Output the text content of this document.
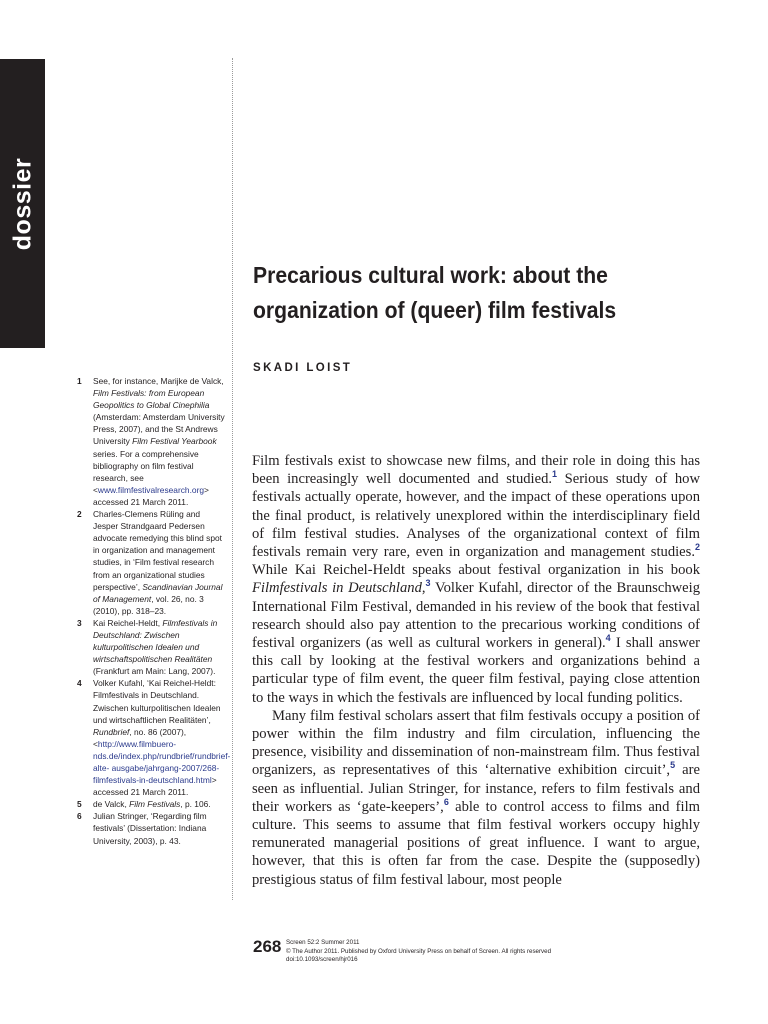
dossier
Precarious cultural work: about the
organization of (queer) film festivals
SKADI LOIST
1 See, for instance, Marijke de Valck, Film Festivals: from European Geopolitics to Global Cinephilia (Amsterdam: Amsterdam University Press, 2007), and the St Andrews University Film Festival Yearbook series. For a comprehensive bibliography on film festival research, see <www.filmfestivalresearch.org> accessed 21 March 2011.
2 Charles-Clemens Rüling and Jesper Strandgaard Pedersen advocate remedying this blind spot in organization and management studies, in ‘Film festival research from an organizational studies perspective’, Scandinavian Journal of Management, vol. 26, no. 3 (2010), pp. 318–23.
3 Kai Reichel-Heldt, Filmfestivals in Deutschland: Zwischen kulturpolitischen Idealen und wirtschaftspolitischen Realitäten (Frankfurt am Main: Lang, 2007).
4 Volker Kufahl, ‘Kai Reichel-Heldt: Filmfestivals in Deutschland. Zwischen kulturpolitischen Idealen und wirtschaftlichen Realitäten’, Rundbrief, no. 86 (2007), <http://www.filmbuero-nds.de/index.php/rundbrief/rundbrief-alte- ausgabe/jahrgang-2007/268-filmfestivals-in-deutschland.html> accessed 21 March 2011.
5 de Valck, Film Festivals, p. 106.
6 Julian Stringer, ‘Regarding film festivals’ (Dissertation: Indiana University, 2003), p. 43.

Film festivals exist to showcase new films, and their role in doing this has been increasingly well documented and studied.$^1$ Serious study of how festivals actually operate, however, and the impact of these operations upon the final product, is relatively unexplored within the interdisciplinary field of film festival studies. Analyses of the organizational context of film festivals remain very rare, even in organization and management studies.$^2$ While Kai Reichel-Heldt speaks about festival organization in his book Filmfestivals in Deutschland,$^3$ Volker Kufahl, director of the Braunschweig International Film Festival, demanded in his review of the book that festival research should also pay attention to the precarious working conditions of festival organizers (as well as cultural workers in general).$^4$ I shall answer this call by looking at the festival workers and organizations behind a particular type of film event, the queer film festival, paying close attention to the ways in which the festivals are influenced by local funding politics.

Many film festival scholars assert that film festivals occupy a position of power within the film industry and film circulation, influencing the presence, visibility and dissemination of non-mainstream film. Thus festival organizers, as representatives of this ‘alternative exhibition circuit’,$^5$ are seen as influential. Julian Stringer, for instance, refers to film festivals and their workers as ‘gate-keepers’,$^6$ able to control access to films and film culture. This seems to assume that film festival workers occupy highly remunerated managerial positions of great influence. I want to argue, however, that this is often far from the case. Despite the (supposedly) prestigious status of film festival labour, most people

268 Screen 52:2 Summer 2011
© The Author 2011. Published by Oxford University Press on behalf of Screen. All rights reserved
doi:10.1093/screen/hjr016
